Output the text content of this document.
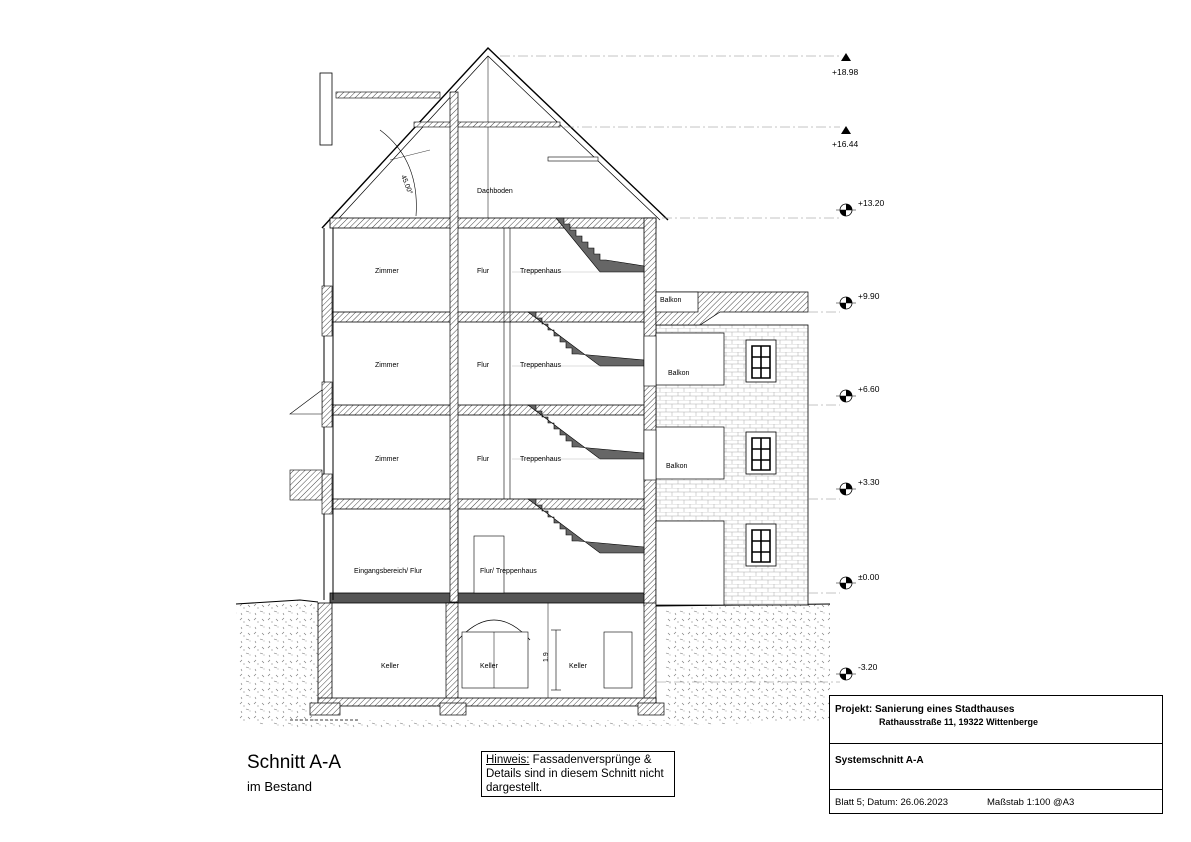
+18.98
+16.44
+13.20
+9.90
+6.60
+3.30
±0.00
-3.20
Dachboden
Zimmer	Flur	Treppenhaus
Zimmer	Flur	Treppenhaus
Zimmer	Flur	Treppenhaus
Eingangsbereich/ Flur	Flur/ Treppenhaus
Keller	Keller	Keller
Balkon
Balkon
Balkon
45.00°
1.9
Schnitt A-A
im Bestand
Hinweis: Fassadenversprünge & Details sind in diesem Schnitt nicht dargestellt.
Projekt: Sanierung eines Stadthauses
Rathausstraße 11, 19322 Wittenberge
Systemschnitt A-A
Blatt 5; Datum: 26.06.2023	Maßstab 1:100 @A3
